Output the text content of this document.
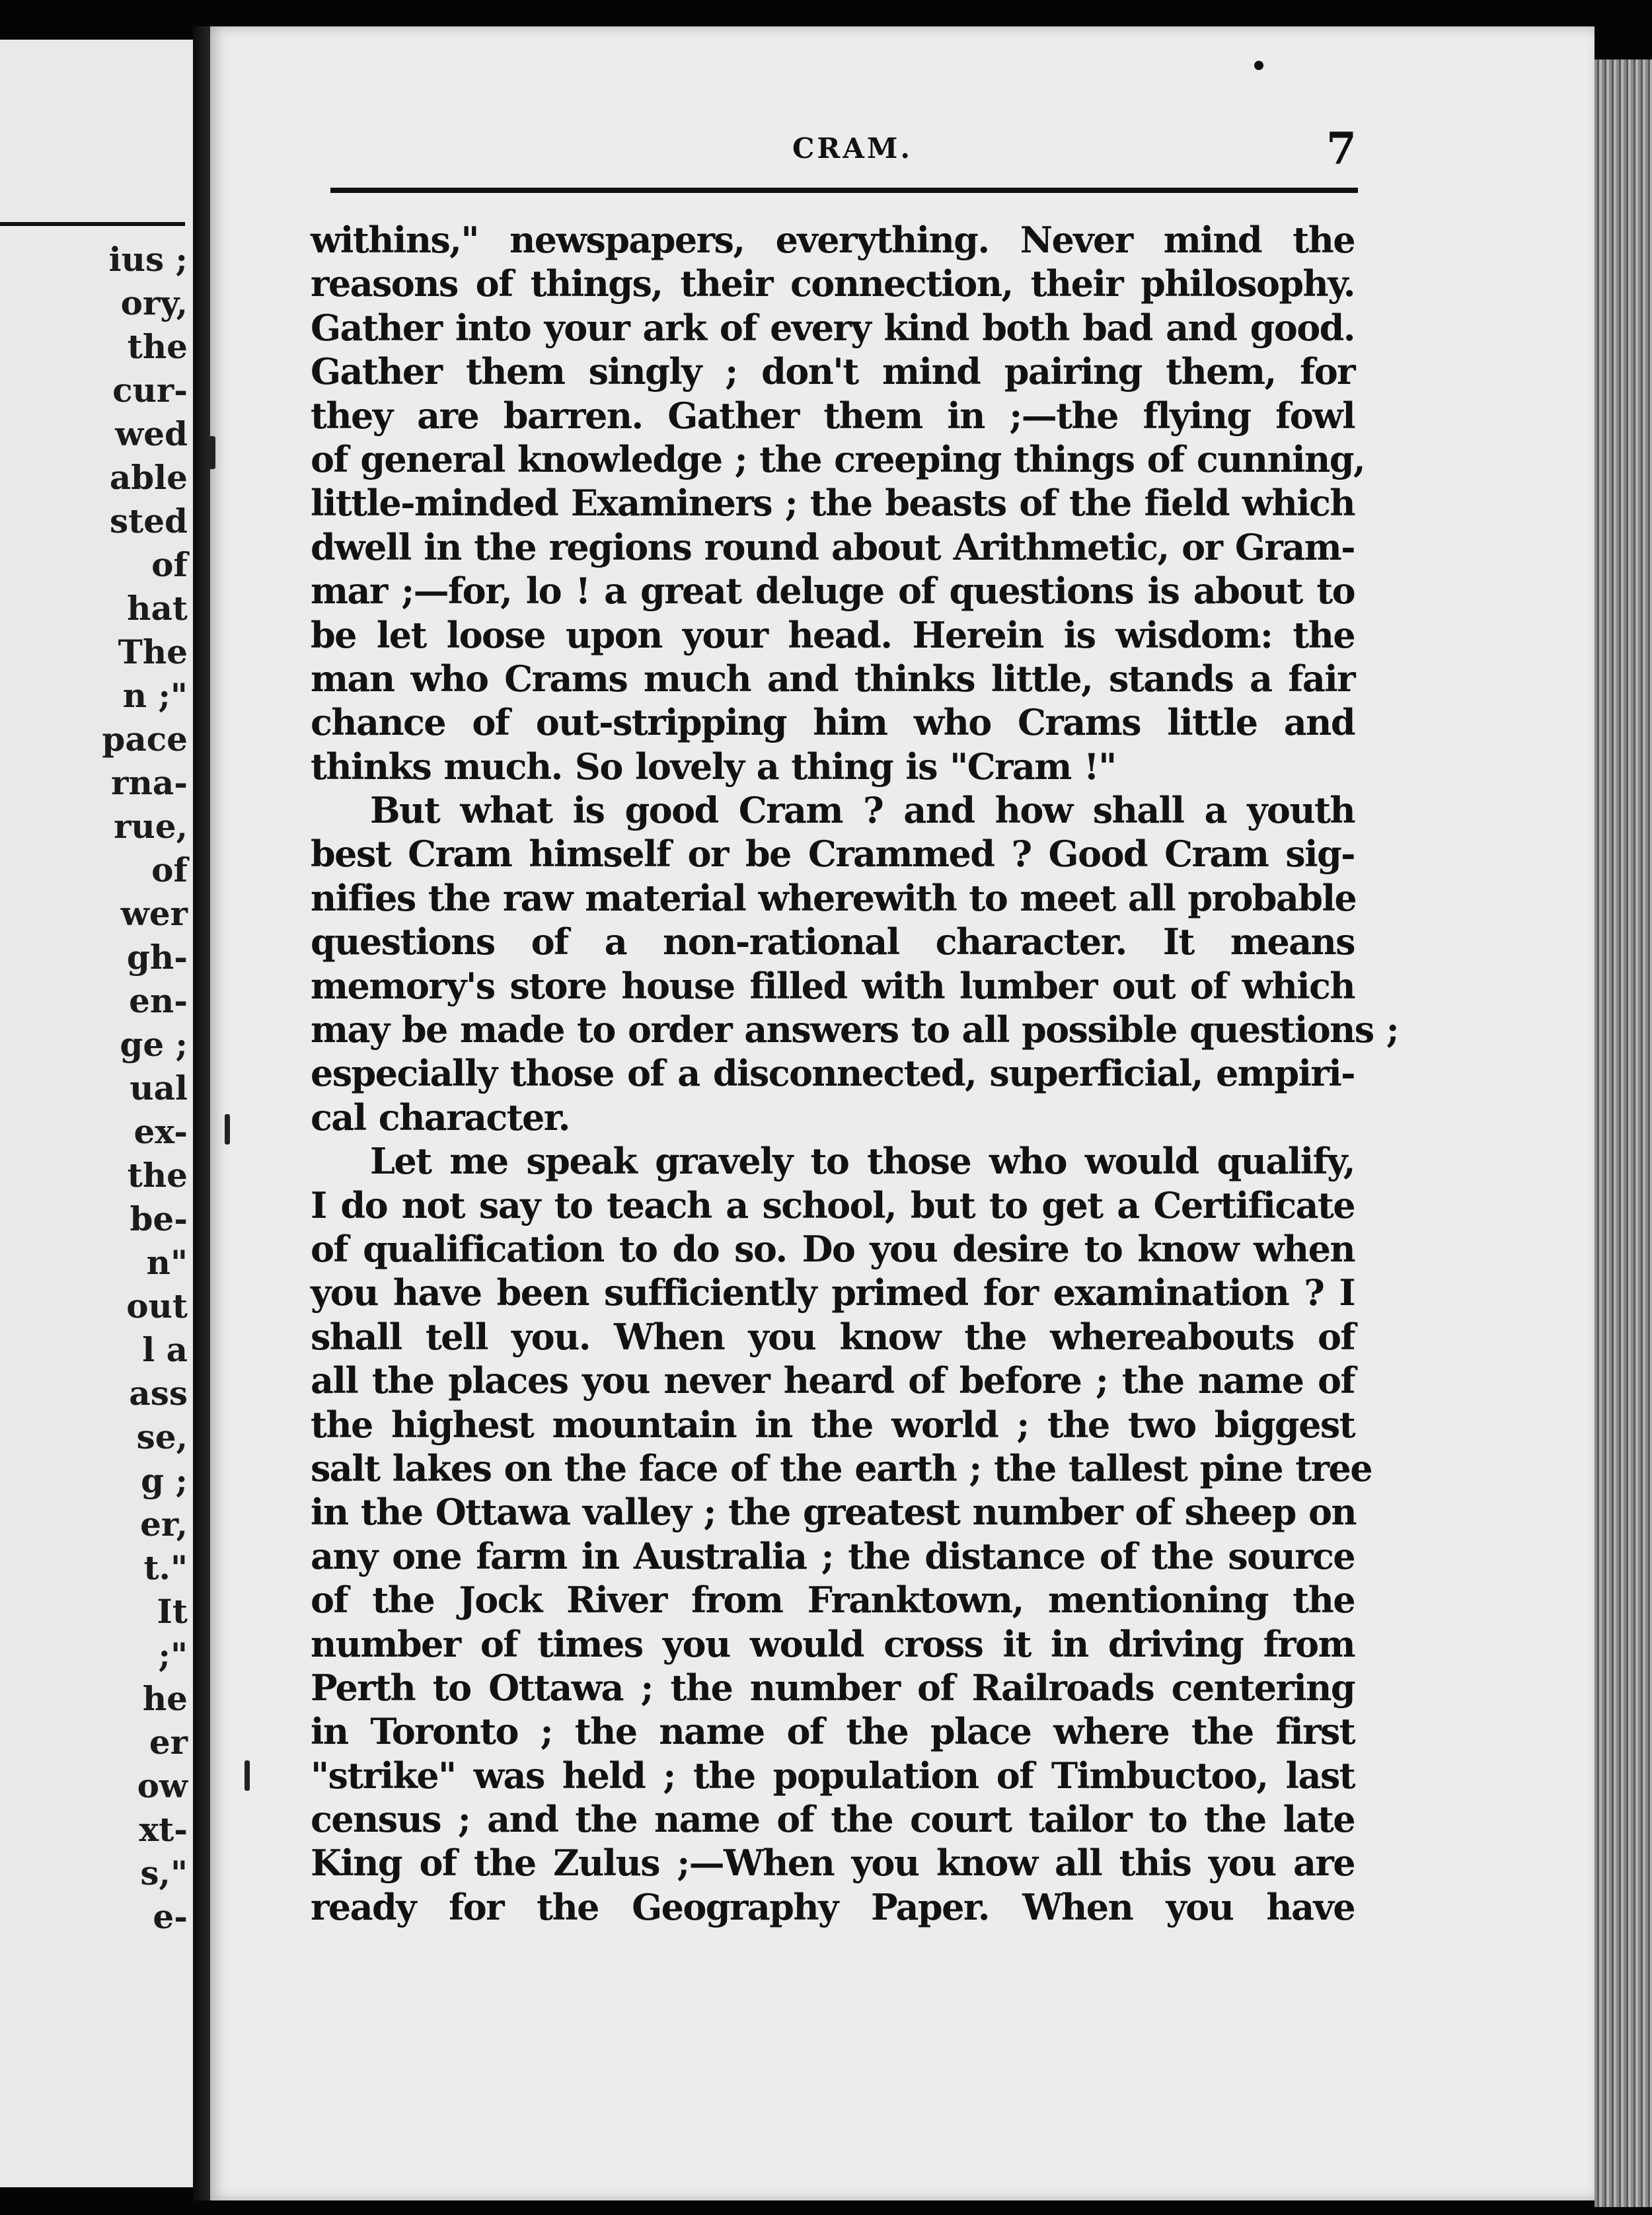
ius ;
ory,
the
cur-
wed
able
sted
of
hat
The
n ;"
pace
rna-
rue,
of
wer
gh-
en-
ge ;
ual
ex-
the
be-
n"
out
l a
ass
se,
g ;
er,
t."
It
;"
he
er
ow
xt-
s,"
e-
CRAM.	7
withins," newspapers, everything. Never mind the
reasons of things, their connection, their philosophy.
Gather into your ark of every kind both bad and good.
Gather them singly ; don't mind pairing them, for
they are barren. Gather them in ;—the flying fowl
of general knowledge ; the creeping things of cunning,
little-minded Examiners ; the beasts of the field which
dwell in the regions round about Arithmetic, or Gram-
mar ;—for, lo ! a great deluge of questions is about to
be let loose upon your head. Herein is wisdom: the
man who Crams much and thinks little, stands a fair
chance of out-stripping him who Crams little and
thinks much. So lovely a thing is "Cram !"
But what is good Cram ? and how shall a youth
best Cram himself or be Crammed ? Good Cram sig-
nifies the raw material wherewith to meet all probable
questions of a non-rational character. It means
memory's store house filled with lumber out of which
may be made to order answers to all possible questions ;
especially those of a disconnected, superficial, empiri-
cal character.
Let me speak gravely to those who would qualify,
I do not say to teach a school, but to get a Certificate
of qualification to do so. Do you desire to know when
you have been sufficiently primed for examination ? I
shall tell you. When you know the whereabouts of
all the places you never heard of before ; the name of
the highest mountain in the world ; the two biggest
salt lakes on the face of the earth ; the tallest pine tree
in the Ottawa valley ; the greatest number of sheep on
any one farm in Australia ; the distance of the source
of the Jock River from Franktown, mentioning the
number of times you would cross it in driving from
Perth to Ottawa ; the number of Railroads centering
in Toronto ; the name of the place where the first
"strike" was held ; the population of Timbuctoo, last
census ; and the name of the court tailor to the late
King of the Zulus ;—When you know all this you are
ready for the Geography Paper. When you have
